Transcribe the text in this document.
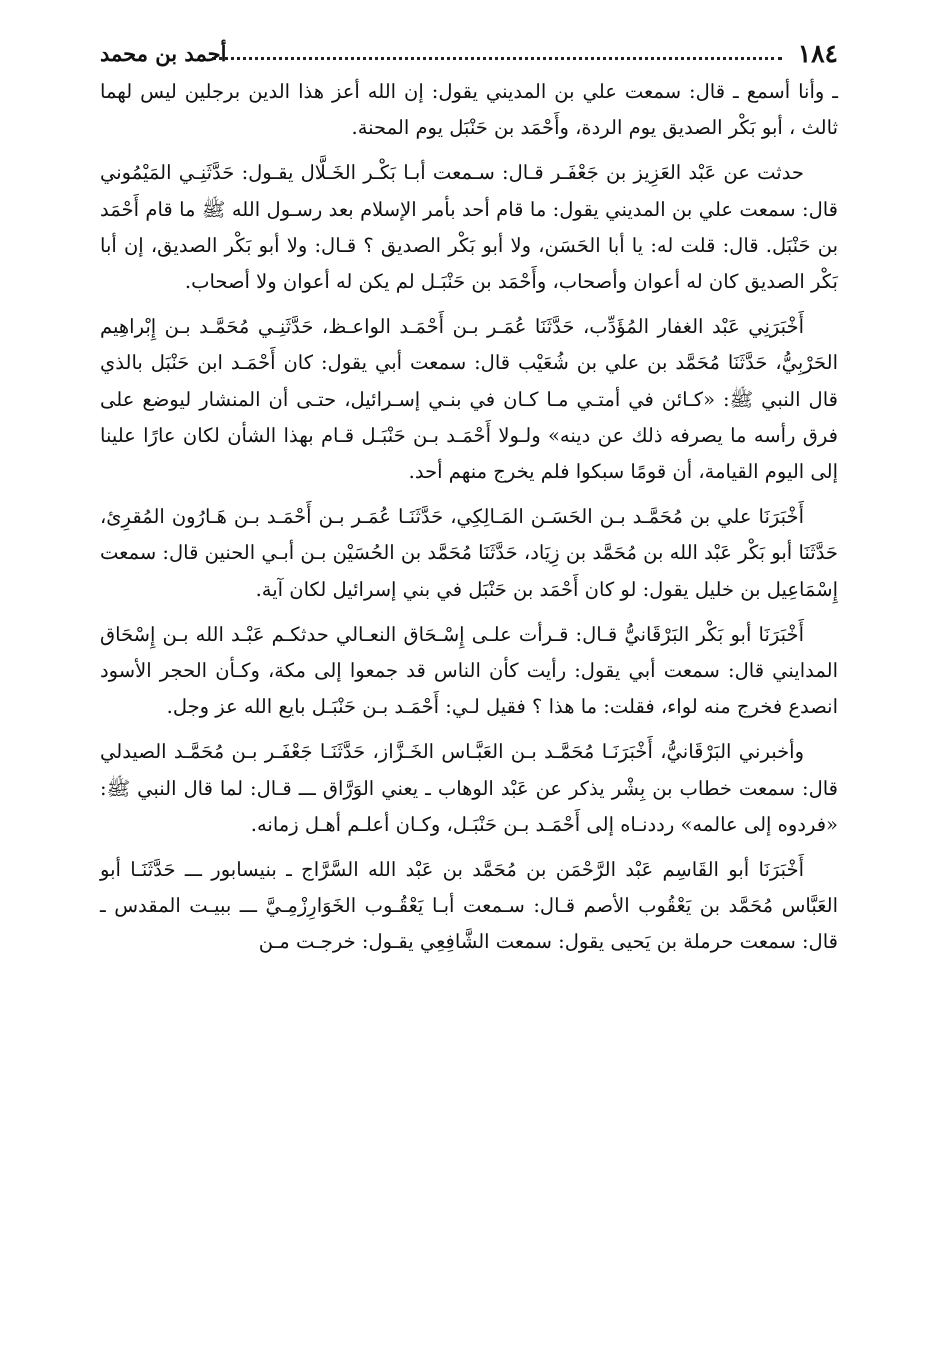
١٨٤
أحمد بن محمد

ـ وأنا أسمع ـ قال: سمعت علي بن المديني يقول: إن الله أعز هذا الدين برجلين ليس لهما ثالث ، أبو بَكْر الصديق يوم الردة، وأَحْمَد بن حَنْبَل يوم المحنة.

حدثت عن عَبْد العَزِيز بن جَعْفَـر قـال: سـمعت أبـا بَكْـر الخَـلَّال يقـول: حَدَّثَنِـي المَيْمُوني قال: سمعت علي بن المديني يقول: ما قام أحد بأمر الإسلام بعد رسـول الله ﷺ ما قام أَحْمَد بن حَنْبَل. قال: قلت له: يا أبا الحَسَن، ولا أبو بَكْر الصديق ؟ قـال: ولا أبو بَكْر الصديق، إن أبا بَكْر الصديق كان له أعوان وأصحاب، وأَحْمَد بن حَنْبَـل لم يكن له أعوان ولا أصحاب.

أَخْبَرَنِي عَبْد الغفار المُؤَدِّب، حَدَّثَنَا عُمَـر بـن أَحْمَـد الواعـظ، حَدَّثَنِـي مُحَمَّـد بـن إِبْراهِيم الحَرْبِيُّ، حَدَّثَنَا مُحَمَّد بن علي بن شُعَيْب قال: سمعت أبي يقول: كان أَحْمَـد ابن حَنْبَل بالذي قال النبي ﷺ: «كـائن في أمتـي مـا كـان في بنـي إسـرائيل، حتـى أن المنشار ليوضع على فرق رأسه ما يصرفه ذلك عن دينه» ولـولا أَحْمَـد بـن حَنْبَـل قـام بهذا الشأن لكان عارًا علينا إلى اليوم القيامة، أن قومًا سبكوا فلم يخرج منهم أحد.

أَخْبَرَنَا علي بن مُحَمَّـد بـن الحَسَـن المَـالِكِي، حَدَّثَنَـا عُمَـر بـن أَحْمَـد بـن هَـارُون المُقرِئ، حَدَّثَنَا أبو بَكْر عَبْد الله بن مُحَمَّد بن زِيَاد، حَدَّثَنَا مُحَمَّد بن الحُسَيْن بـن أبـي الحنين قال: سمعت إِسْمَاعِيل بن خليل يقول: لو كان أَحْمَد بن حَنْبَل في بني إسرائيل لكان آية.

أَخْبَرَنَا أبو بَكْر البَرْقَانيُّ قـال: قـرأت علـى إِسْـحَاق النعـالي حدثكـم عَبْـد الله بـن إِسْحَاق المدايني قال: سمعت أبي يقول: رأيت كأن الناس قد جمعوا إلى مكة، وكـأن الحجر الأسود انصدع فخرج منه لواء، فقلت: ما هذا ؟ فقيل لـي: أَحْمَـد بـن حَنْبَـل بايع الله عز وجل.

وأخبرني البَرْقَانيُّ، أَخْبَرَنَـا مُحَمَّـد بـن العَبَّـاس الخَـزَّاز، حَدَّثَنَـا جَعْفَـر بـن مُحَمَّـد الصيدلي قال: سمعت خطاب بن بِشْر يذكر عن عَبْد الوهاب ـ يعني الوَرَّاق ـــ قـال: لما قال النبي ﷺ: «فردوه إلى عالمه» رددنـاه إلى أَحْمَـد بـن حَنْبَـل، وكـان أعلـم أهـل زمانه.

أَخْبَرَنَا أبو القَاسِم عَبْد الرَّحْمَن بن مُحَمَّد بن عَبْد الله السَّرَّاج ـ بنيسابور ـــ حَدَّثَنَـا أبو العَبَّاس مُحَمَّد بن يَعْقُوب الأصم قـال: سـمعت أبـا يَعْقُـوب الخَوَارِزْمِـيَّ ـــ ببيـت المقدس ـ قال: سمعت حرملة بن يَحيى يقول: سمعت الشَّافِعِي يقـول: خرجـت مـن
